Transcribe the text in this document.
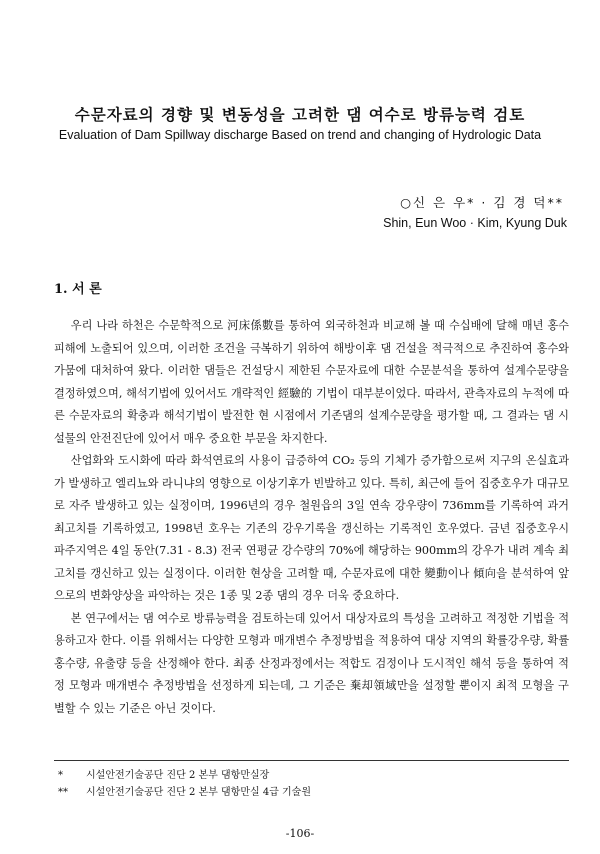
수문자료의 경향 및 변동성을 고려한 댐 여수로 방류능력 검토
Evaluation of Dam Spillway discharge Based on trend and changing of Hydrologic Data
○신 은 우* · 김 경 덕**
Shin, Eun Woo · Kim, Kyung Duk
1. 서 론

우리 나라 하천은 수문학적으로 河床係數를 통하여 외국하천과 비교해 볼 때 수십배에 달해 매년 홍수피해에 노출되어 있으며, 이러한 조건을 극복하기 위하여 해방이후 댐 건설을 적극적으로 추진하여 홍수와 가뭄에 대처하여 왔다. 이러한 댐들은 건설당시 제한된 수문자료에 대한 수문분석을 통하여 설계수문량을 결정하였으며, 해석기법에 있어서도 개략적인 經驗的 기법이 대부분이었다. 따라서, 관측자료의 누적에 따른 수문자료의 확충과 해석기법이 발전한 현 시점에서 기존댐의 설계수문량을 평가할 때, 그 결과는 댐 시설물의 안전진단에 있어서 매우 중요한 부문을 차지한다.

산업화와 도시화에 따라 화석연료의 사용이 급증하여 CO₂ 등의 기체가 증가함으로써 지구의 온실효과가 발생하고 엘리뇨와 라니냐의 영향으로 이상기후가 빈발하고 있다. 특히, 최근에 들어 집중호우가 대규모로 자주 발생하고 있는 실정이며, 1996년의 경우 철원읍의 3일 연속 강우량이 736mm를 기록하여 과거 최고치를 기록하였고, 1998년 호우는 기존의 강우기록을 갱신하는 기록적인 호우였다. 금년 집중호우시 파주지역은 4일 동안(7.31 - 8.3) 전국 연평균 강수량의 70%에 해당하는 900mm의 강우가 내려 계속 최고치를 갱신하고 있는 실정이다. 이러한 현상을 고려할 때, 수문자료에 대한 變動이나 傾向을 분석하여 앞으로의 변화양상을 파악하는 것은 1종 및 2종 댐의 경우 더욱 중요하다.

본 연구에서는 댐 여수로 방류능력을 검토하는데 있어서 대상자료의 특성을 고려하고 적정한 기법을 적용하고자 한다. 이를 위해서는 다양한 모형과 매개변수 추정방법을 적용하여 대상 지역의 확률강우량, 확률홍수량, 유출량 등을 산정해야 한다. 최종 산정과정에서는 적합도 검정이나 도시적인 해석 등을 통하여 적정 모형과 매개변수 추정방법을 선정하게 되는데, 그 기준은 棄却領域만을 설정할 뿐이지 최적 모형을 구별할 수 있는 기준은 아닌 것이다.

*	시설안전기술공단 진단 2 본부 댐항만실장
**	시설안전기술공단 진단 2 본부 댐항만실 4급 기술원
-106-
